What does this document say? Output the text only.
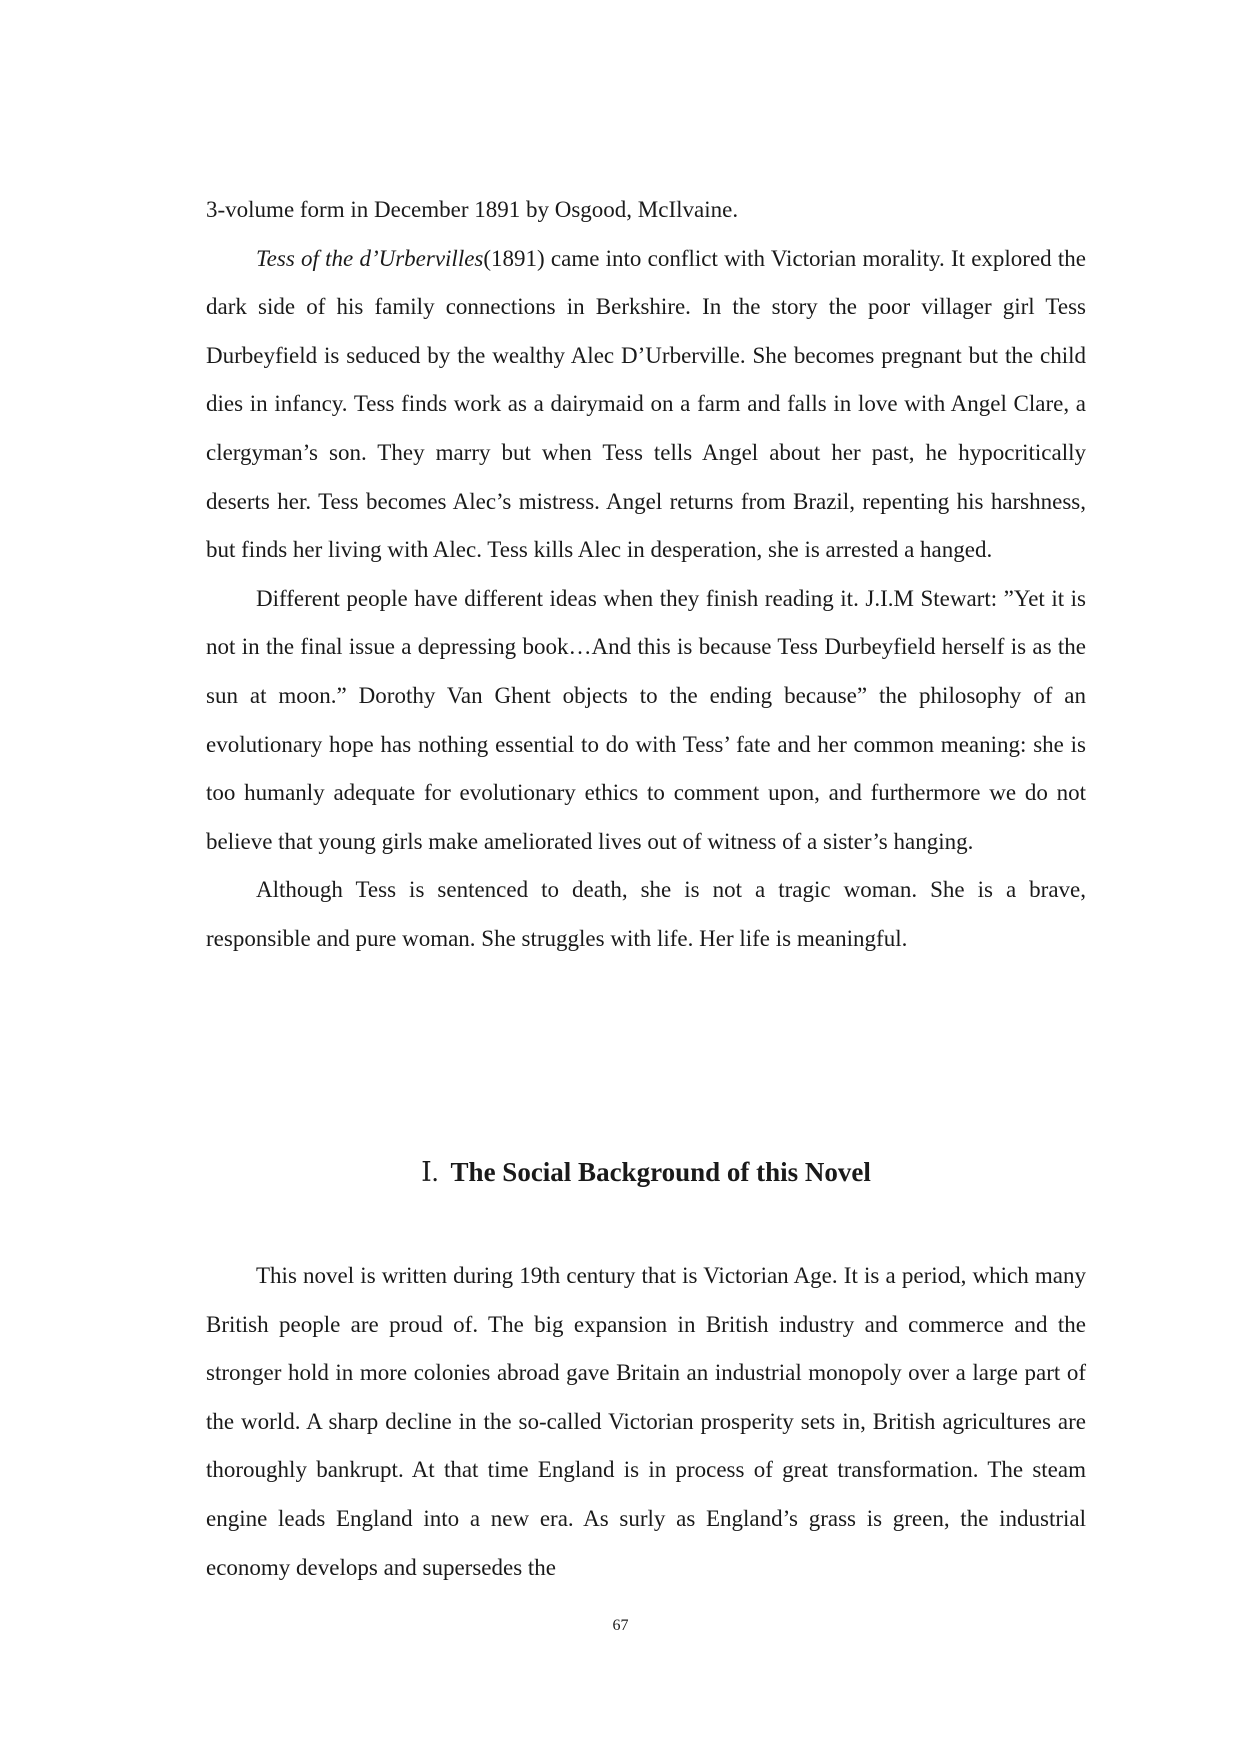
3-volume form in December 1891 by Osgood, McIlvaine.

Tess of the d’Urbervilles(1891) came into conflict with Victorian morality. It explored the dark side of his family connections in Berkshire. In the story the poor villager girl Tess Durbeyfield is seduced by the wealthy Alec D’Urberville. She becomes pregnant but the child dies in infancy. Tess finds work as a dairymaid on a farm and falls in love with Angel Clare, a clergyman’s son. They marry but when Tess tells Angel about her past, he hypocritically deserts her. Tess becomes Alec’s mistress. Angel returns from Brazil, repenting his harshness, but finds her living with Alec. Tess kills Alec in desperation, she is arrested a hanged.

Different people have different ideas when they finish reading it. J.I.M Stewart: ”Yet it is not in the final issue a depressing book…And this is because Tess Durbeyfield herself is as the sun at moon.” Dorothy Van Ghent objects to the ending because” the philosophy of an evolutionary hope has nothing essential to do with Tess’ fate and her common meaning: she is too humanly adequate for evolutionary ethics to comment upon, and furthermore we do not believe that young girls make ameliorated lives out of witness of a sister’s hanging.

Although Tess is sentenced to death, she is not a tragic woman. She is a brave, responsible and pure woman. She struggles with life. Her life is meaningful.

Ⅰ. The Social Background of this Novel

This novel is written during 19th century that is Victorian Age. It is a period, which many British people are proud of. The big expansion in British industry and commerce and the stronger hold in more colonies abroad gave Britain an industrial monopoly over a large part of the world. A sharp decline in the so-called Victorian prosperity sets in, British agricultures are thoroughly bankrupt. At that time England is in process of great transformation. The steam engine leads England into a new era. As surly as England’s grass is green, the industrial economy develops and supersedes the

67
